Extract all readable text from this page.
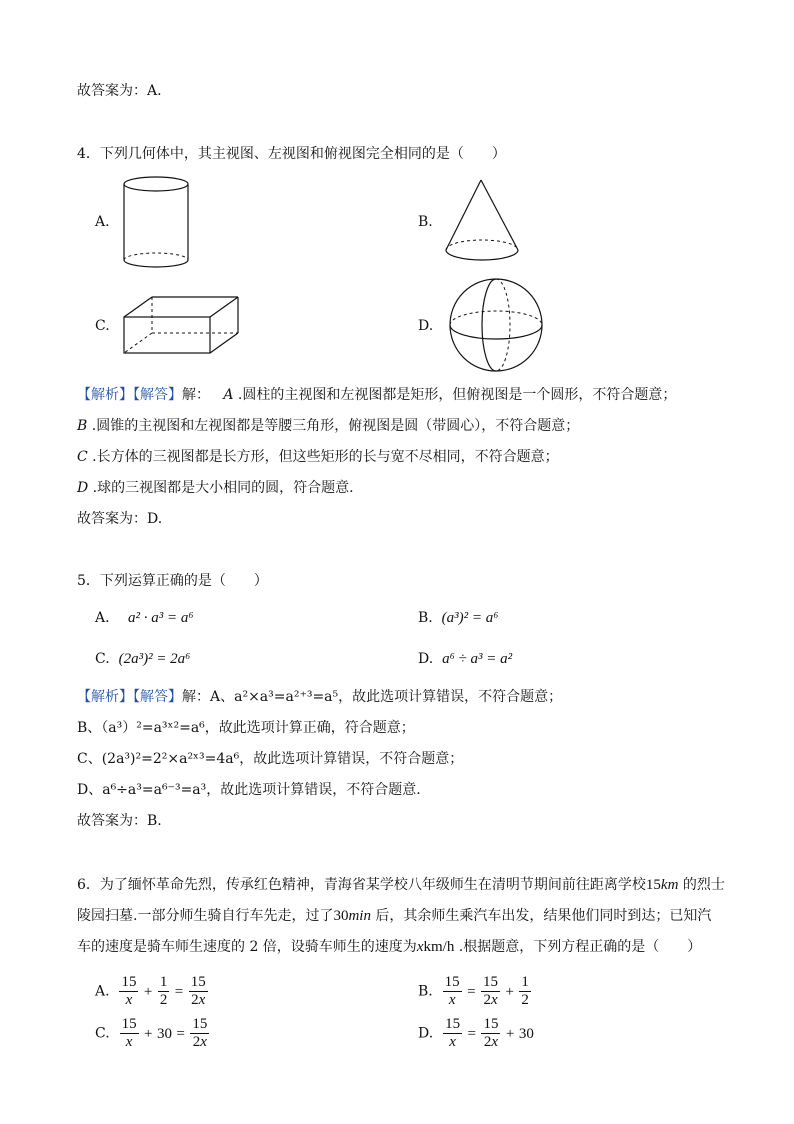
故答案为：A.
4．下列几何体中，其主视图、左视图和俯视图完全相同的是（　　）
A.	B.
C.	D.
【解析】【解答】解： A .圆柱的主视图和左视图都是矩形，但俯视图是一个圆形，不符合题意；
B .圆锥的主视图和左视图都是等腰三角形，俯视图是圆（带圆心），不符合题意；
C .长方体的三视图都是长方形，但这些矩形的长与宽不尽相同，不符合题意；
D .球的三视图都是大小相同的圆，符合题意.
故答案为：D.
5．下列运算正确的是（　　）
A． a² · a³ = a⁶	B. (a³)² = a⁶
C. (2a³)² = 2a⁶	D. a⁶ ÷ a³ = a²
【解析】【解答】解：A、a²×a³=a²⁺³=a⁵，故此选项计算错误，不符合题意；
B、（a³）²=a³ˣ²=a⁶，故此选项计算正确，符合题意；
C、(2a³)²=2²×a²ˣ³=4a⁶，故此选项计算错误，不符合题意；
D、a⁶÷a³=a⁶⁻³=a³，故此选项计算错误，不符合题意.
故答案为：B.
6．为了缅怀革命先烈，传承红色精神，青海省某学校八年级师生在清明节期间前往距离学校15km 的烈士
陵园扫墓.一部分师生骑自行车先走，过了30min 后，其余师生乘汽车出发，结果他们同时到达；已知汽
车的速度是骑车师生速度的 2 倍，设骑车师生的速度为xkm/h .根据题意，下列方程正确的是（　　）
A. $\frac{15}{x} + \frac{1}{2} = \frac{15}{2x}$	B. $\frac{15}{x} = \frac{15}{2x} + \frac{1}{2}$
C. $\frac{15}{x} + 30 = \frac{15}{2x}$	D. $\frac{15}{x} = \frac{15}{2x} + 30$
